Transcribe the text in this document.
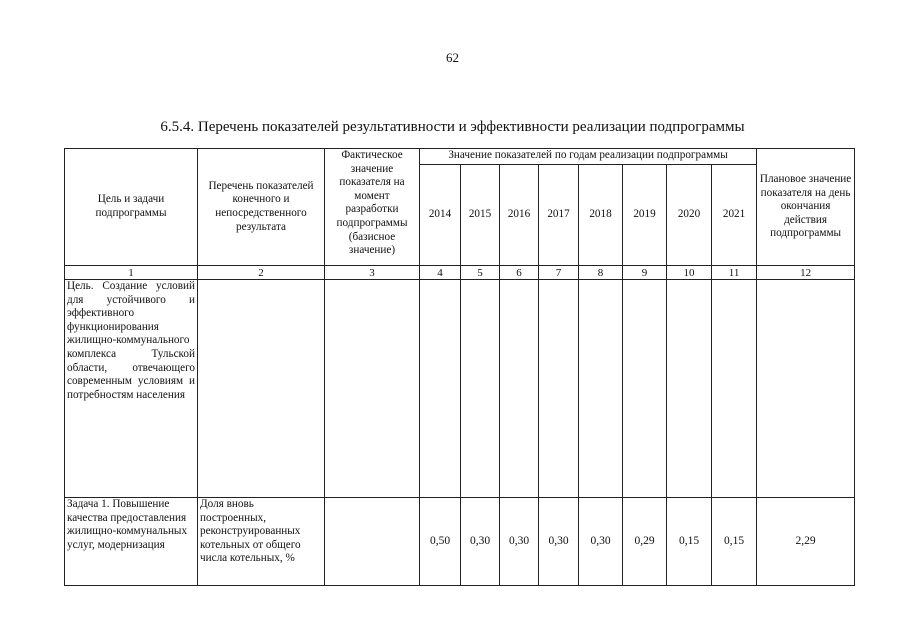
62
6.5.4. Перечень показателей результативности и эффективности реализации подпрограммы
Цель и задачи подпрограммы	Перечень показателей конечного и непосредственного результата	Фактическое значение показателя на момент разработки подпрограммы (базисное значение)	Значение показателей по годам реализации подпрограммы								Плановое значение показателя на день окончания действия подпрограммы
			2014	2015	2016	2017	2018	2019	2020	2021	
1	2	3	4	5	6	7	8	9	10	11	12
Цель. Создание условий для устойчивого и эффективного функционирования жилищно-коммунального комплекса Тульской области, отвечающего современным условиям и потребностям населения											
Задача 1. Повышение качества предоставления жилищно-коммунальных услуг, модернизация	Доля вновь построенных, реконструированных котельных от общего числа котельных, %		0,50	0,30	0,30	0,30	0,30	0,29	0,15	0,15	2,29
